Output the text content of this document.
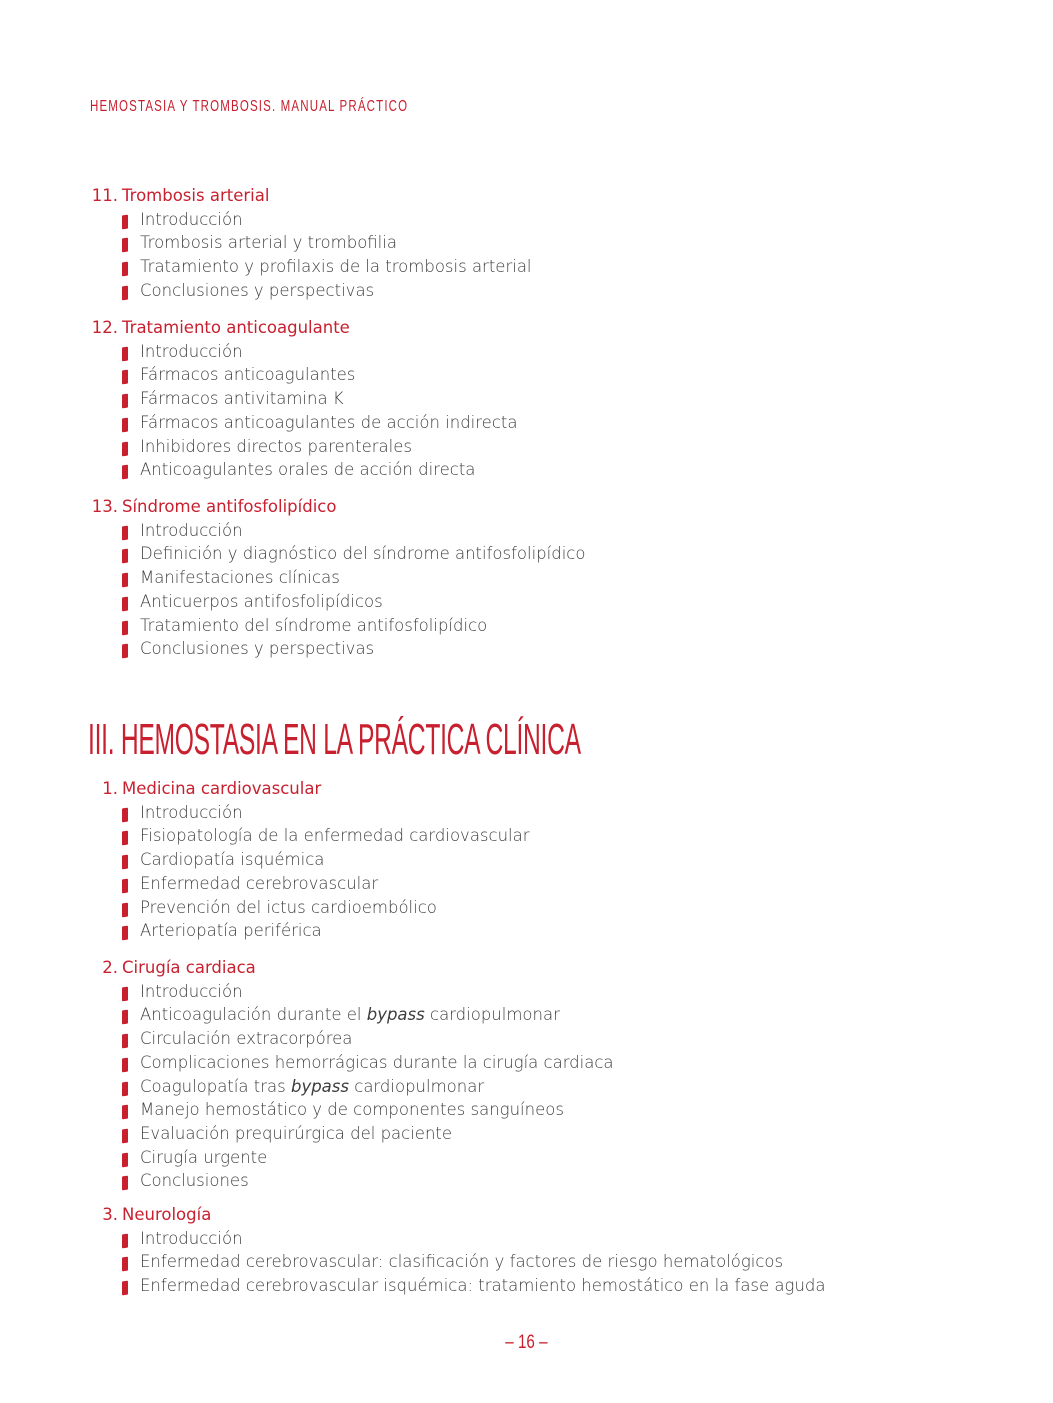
HEMOSTASIA Y TROMBOSIS. MANUAL PRÁCTICO
11. Trombosis arterial
Introducción
Trombosis arterial y trombofilia
Tratamiento y profilaxis de la trombosis arterial
Conclusiones y perspectivas
12. Tratamiento anticoagulante
Introducción
Fármacos anticoagulantes
Fármacos antivitamina K
Fármacos anticoagulantes de acción indirecta
Inhibidores directos parenterales
Anticoagulantes orales de acción directa
13. Síndrome antifosfolipídico
Introducción
Definición y diagnóstico del síndrome antifosfolipídico
Manifestaciones clínicas
Anticuerpos antifosfolipídicos
Tratamiento del síndrome antifosfolipídico
Conclusiones y perspectivas
III. HEMOSTASIA EN LA PRÁCTICA CLÍNICA
1. Medicina cardiovascular
Introducción
Fisiopatología de la enfermedad cardiovascular
Cardiopatía isquémica
Enfermedad cerebrovascular
Prevención del ictus cardioembólico
Arteriopatía periférica
2. Cirugía cardiaca
Introducción
Anticoagulación durante el bypass cardiopulmonar
Circulación extracorpórea
Complicaciones hemorrágicas durante la cirugía cardiaca
Coagulopatía tras bypass cardiopulmonar
Manejo hemostático y de componentes sanguíneos
Evaluación prequirúrgica del paciente
Cirugía urgente
Conclusiones
3. Neurología
Introducción
Enfermedad cerebrovascular: clasificación y factores de riesgo hematológicos
Enfermedad cerebrovascular isquémica: tratamiento hemostático en la fase aguda
– 16 –
